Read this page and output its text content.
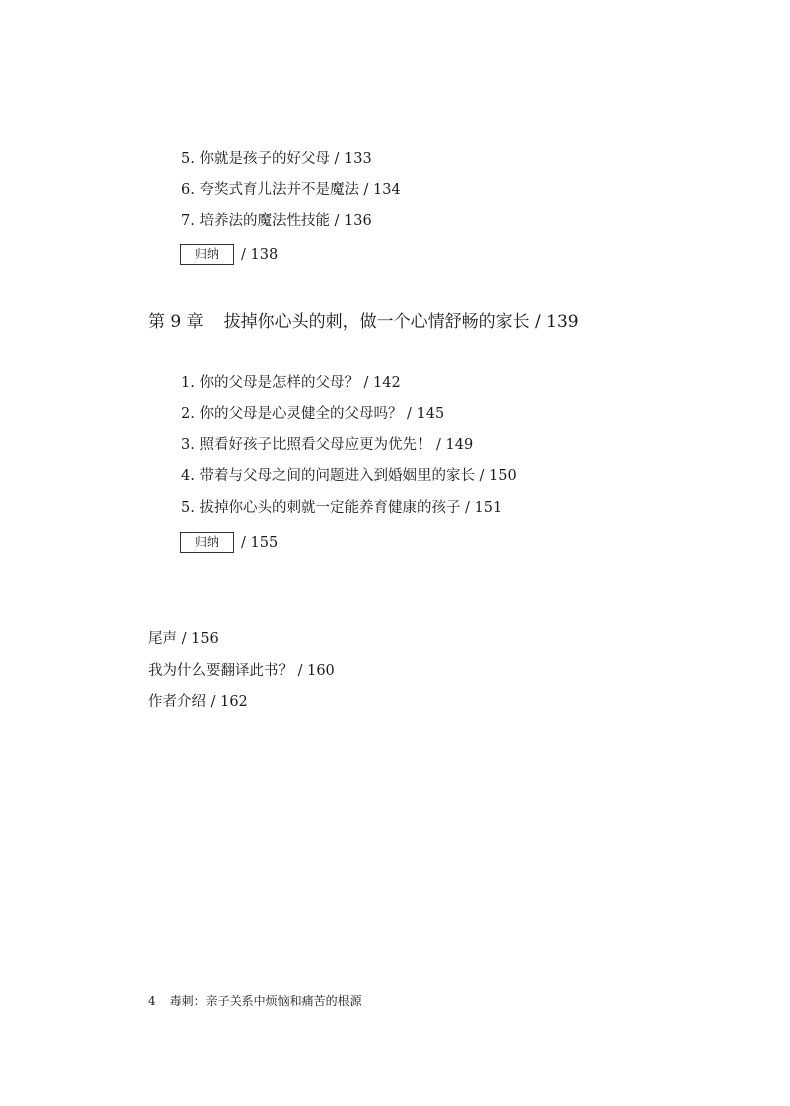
5. 你就是孩子的好父母 / 133
6. 夸奖式育儿法并不是魔法 / 134
7. 培养法的魔法性技能 / 136
归纳	/ 138
第 9 章 拔掉你心头的刺，做一个心情舒畅的家长 / 139
1. 你的父母是怎样的父母？ / 142
2. 你的父母是心灵健全的父母吗？ / 145
3. 照看好孩子比照看父母应更为优先！ / 149
4. 带着与父母之间的问题进入到婚姻里的家长 / 150
5. 拔掉你心头的刺就一定能养育健康的孩子 / 151
归纳	/ 155
尾声 / 156
我为什么要翻译此书？ / 160
作者介绍 / 162
4 毒刺：亲子关系中烦恼和痛苦的根源
